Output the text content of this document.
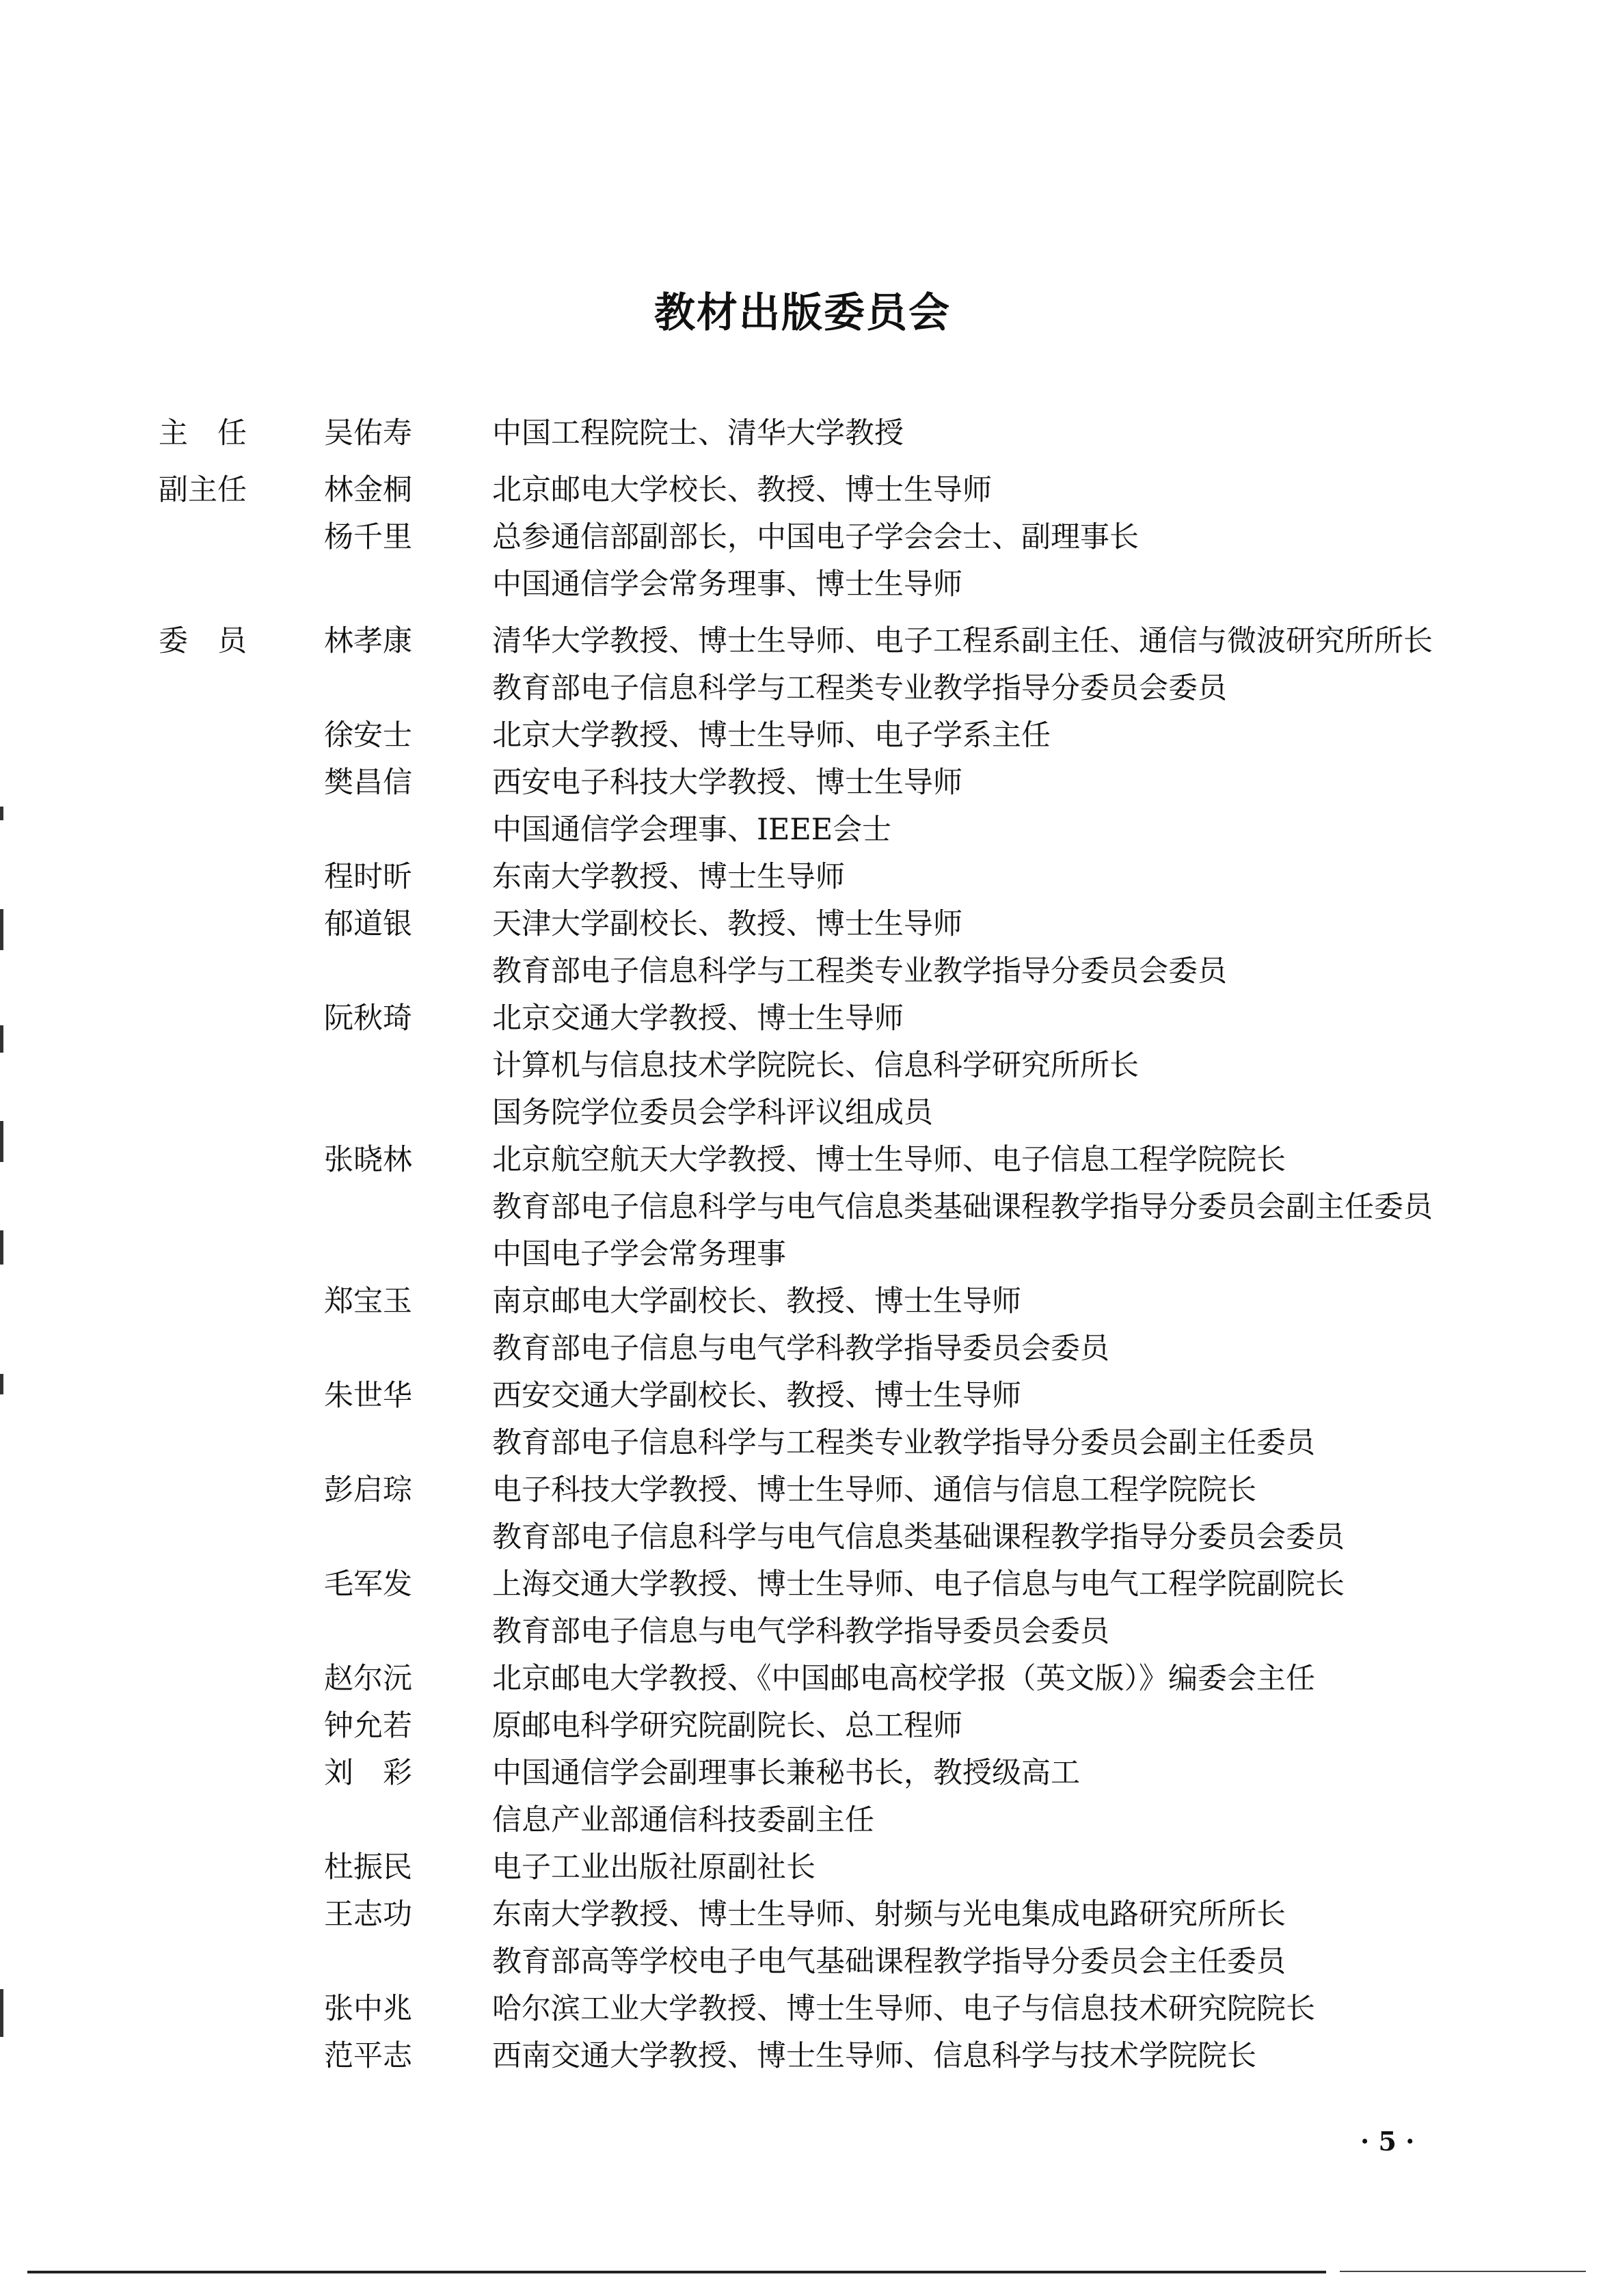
教材出版委员会
主　任	吴佑寿	中国工程院院士、清华大学教授
副主任	林金桐	北京邮电大学校长、教授、博士生导师
杨千里	总参通信部副部长，中国电子学会会士、副理事长
中国通信学会常务理事、博士生导师
委　员	林孝康	清华大学教授、博士生导师、电子工程系副主任、通信与微波研究所所长
教育部电子信息科学与工程类专业教学指导分委员会委员
徐安士	北京大学教授、博士生导师、电子学系主任
樊昌信	西安电子科技大学教授、博士生导师
中国通信学会理事、IEEE会士
程时昕	东南大学教授、博士生导师
郁道银	天津大学副校长、教授、博士生导师
教育部电子信息科学与工程类专业教学指导分委员会委员
阮秋琦	北京交通大学教授、博士生导师
计算机与信息技术学院院长、信息科学研究所所长
国务院学位委员会学科评议组成员
张晓林	北京航空航天大学教授、博士生导师、电子信息工程学院院长
教育部电子信息科学与电气信息类基础课程教学指导分委员会副主任委员
中国电子学会常务理事
郑宝玉	南京邮电大学副校长、教授、博士生导师
教育部电子信息与电气学科教学指导委员会委员
朱世华	西安交通大学副校长、教授、博士生导师
教育部电子信息科学与工程类专业教学指导分委员会副主任委员
彭启琮	电子科技大学教授、博士生导师、通信与信息工程学院院长
教育部电子信息科学与电气信息类基础课程教学指导分委员会委员
毛军发	上海交通大学教授、博士生导师、电子信息与电气工程学院副院长
教育部电子信息与电气学科教学指导委员会委员
赵尔沅	北京邮电大学教授、《中国邮电高校学报（英文版）》编委会主任
钟允若	原邮电科学研究院副院长、总工程师
刘　彩	中国通信学会副理事长兼秘书长，教授级高工
信息产业部通信科技委副主任
杜振民	电子工业出版社原副社长
王志功	东南大学教授、博士生导师、射频与光电集成电路研究所所长
教育部高等学校电子电气基础课程教学指导分委员会主任委员
张中兆	哈尔滨工业大学教授、博士生导师、电子与信息技术研究院院长
范平志	西南交通大学教授、博士生导师、信息科学与技术学院院长
· 5 ·
